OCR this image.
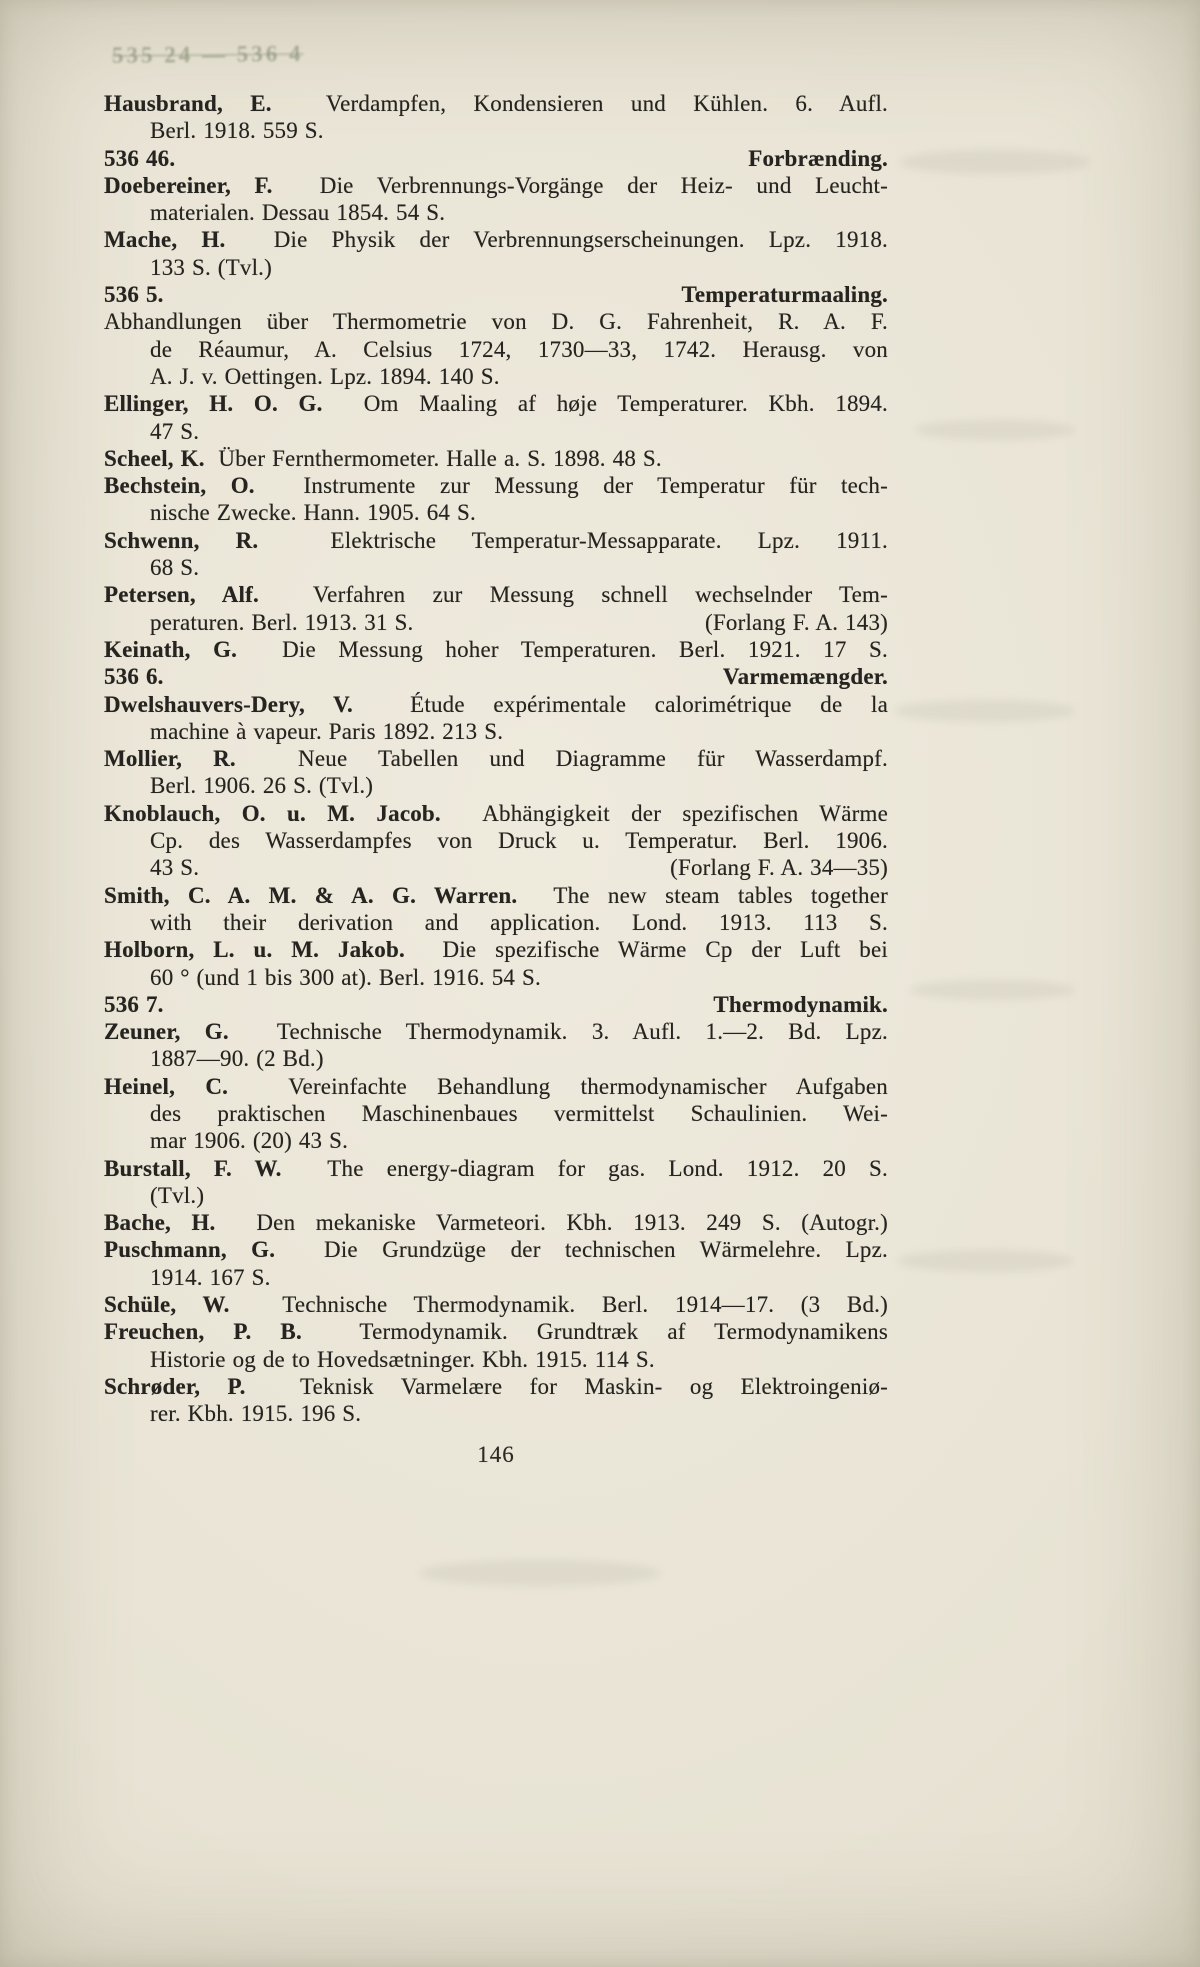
535 24 — 536 4
Hausbrand, E. Verdampfen, Kondensieren und Kühlen. 6. Aufl.
Berl. 1918. 559 S.
536 46.	Forbrænding.
Doebereiner, F. Die Verbrennungs-Vorgänge der Heiz- und Leucht-
materialen. Dessau 1854. 54 S.
Mache, H. Die Physik der Verbrennungserscheinungen. Lpz. 1918.
133 S. (Tvl.)
536 5.	Temperaturmaaling.
Abhandlungen über Thermometrie von D. G. Fahrenheit, R. A. F.
de Réaumur, A. Celsius 1724, 1730—33, 1742. Herausg. von
A. J. v. Oettingen. Lpz. 1894. 140 S.
Ellinger, H. O. G. Om Maaling af høje Temperaturer. Kbh. 1894.
47 S.
Scheel, K. Über Fernthermometer. Halle a. S. 1898. 48 S.
Bechstein, O. Instrumente zur Messung der Temperatur für tech-
nische Zwecke. Hann. 1905. 64 S.
Schwenn, R.	Elektrische Temperatur-Messapparate. Lpz. 1911.
68 S.
Petersen, Alf. Verfahren zur Messung schnell wechselnder Tem-
peraturen. Berl. 1913. 31 S.	(Forlang F. A. 143)
Keinath, G. Die Messung hoher Temperaturen. Berl. 1921. 17 S.
536 6.	Varmemængder.
Dwelshauvers-Dery, V. Étude expérimentale calorimétrique de la
machine à vapeur. Paris 1892. 213 S.
Mollier, R.	Neue Tabellen und Diagramme für Wasserdampf.
Berl. 1906. 26 S. (Tvl.)
Knoblauch, O. u. M. Jacob. Abhängigkeit der spezifischen Wärme
Cp. des Wasserdampfes von Druck u. Temperatur. Berl. 1906.
43 S.	(Forlang F. A. 34—35)
Smith, C. A. M. & A. G. Warren. The new steam tables together
with their derivation and application. Lond. 1913. 113 S.
Holborn, L. u. M. Jakob. Die spezifische Wärme Cp der Luft bei
60 ° (und 1 bis 300 at). Berl. 1916. 54 S.
536 7.	Thermodynamik.
Zeuner, G. Technische Thermodynamik. 3. Aufl. 1.—2. Bd. Lpz.
1887—90. (2 Bd.)
Heinel, C.	Vereinfachte Behandlung thermodynamischer Aufgaben
des praktischen Maschinenbaues vermittelst Schaulinien. Wei-
mar 1906. (20) 43 S.
Burstall, F. W. The energy-diagram for gas. Lond. 1912. 20 S.
(Tvl.)
Bache, H. Den mekaniske Varmeteori. Kbh. 1913. 249 S. (Autogr.)
Puschmann, G. Die Grundzüge der technischen Wärmelehre. Lpz.
1914. 167 S.
Schüle, W. Technische Thermodynamik. Berl. 1914—17. (3 Bd.)
Freuchen, P. B.	Termodynamik. Grundtræk af Termodynamikens
Historie og de to Hovedsætninger. Kbh. 1915. 114 S.
Schrøder, P. Teknisk Varmelære for Maskin- og Elektroingeniø-
rer. Kbh. 1915. 196 S.
146
